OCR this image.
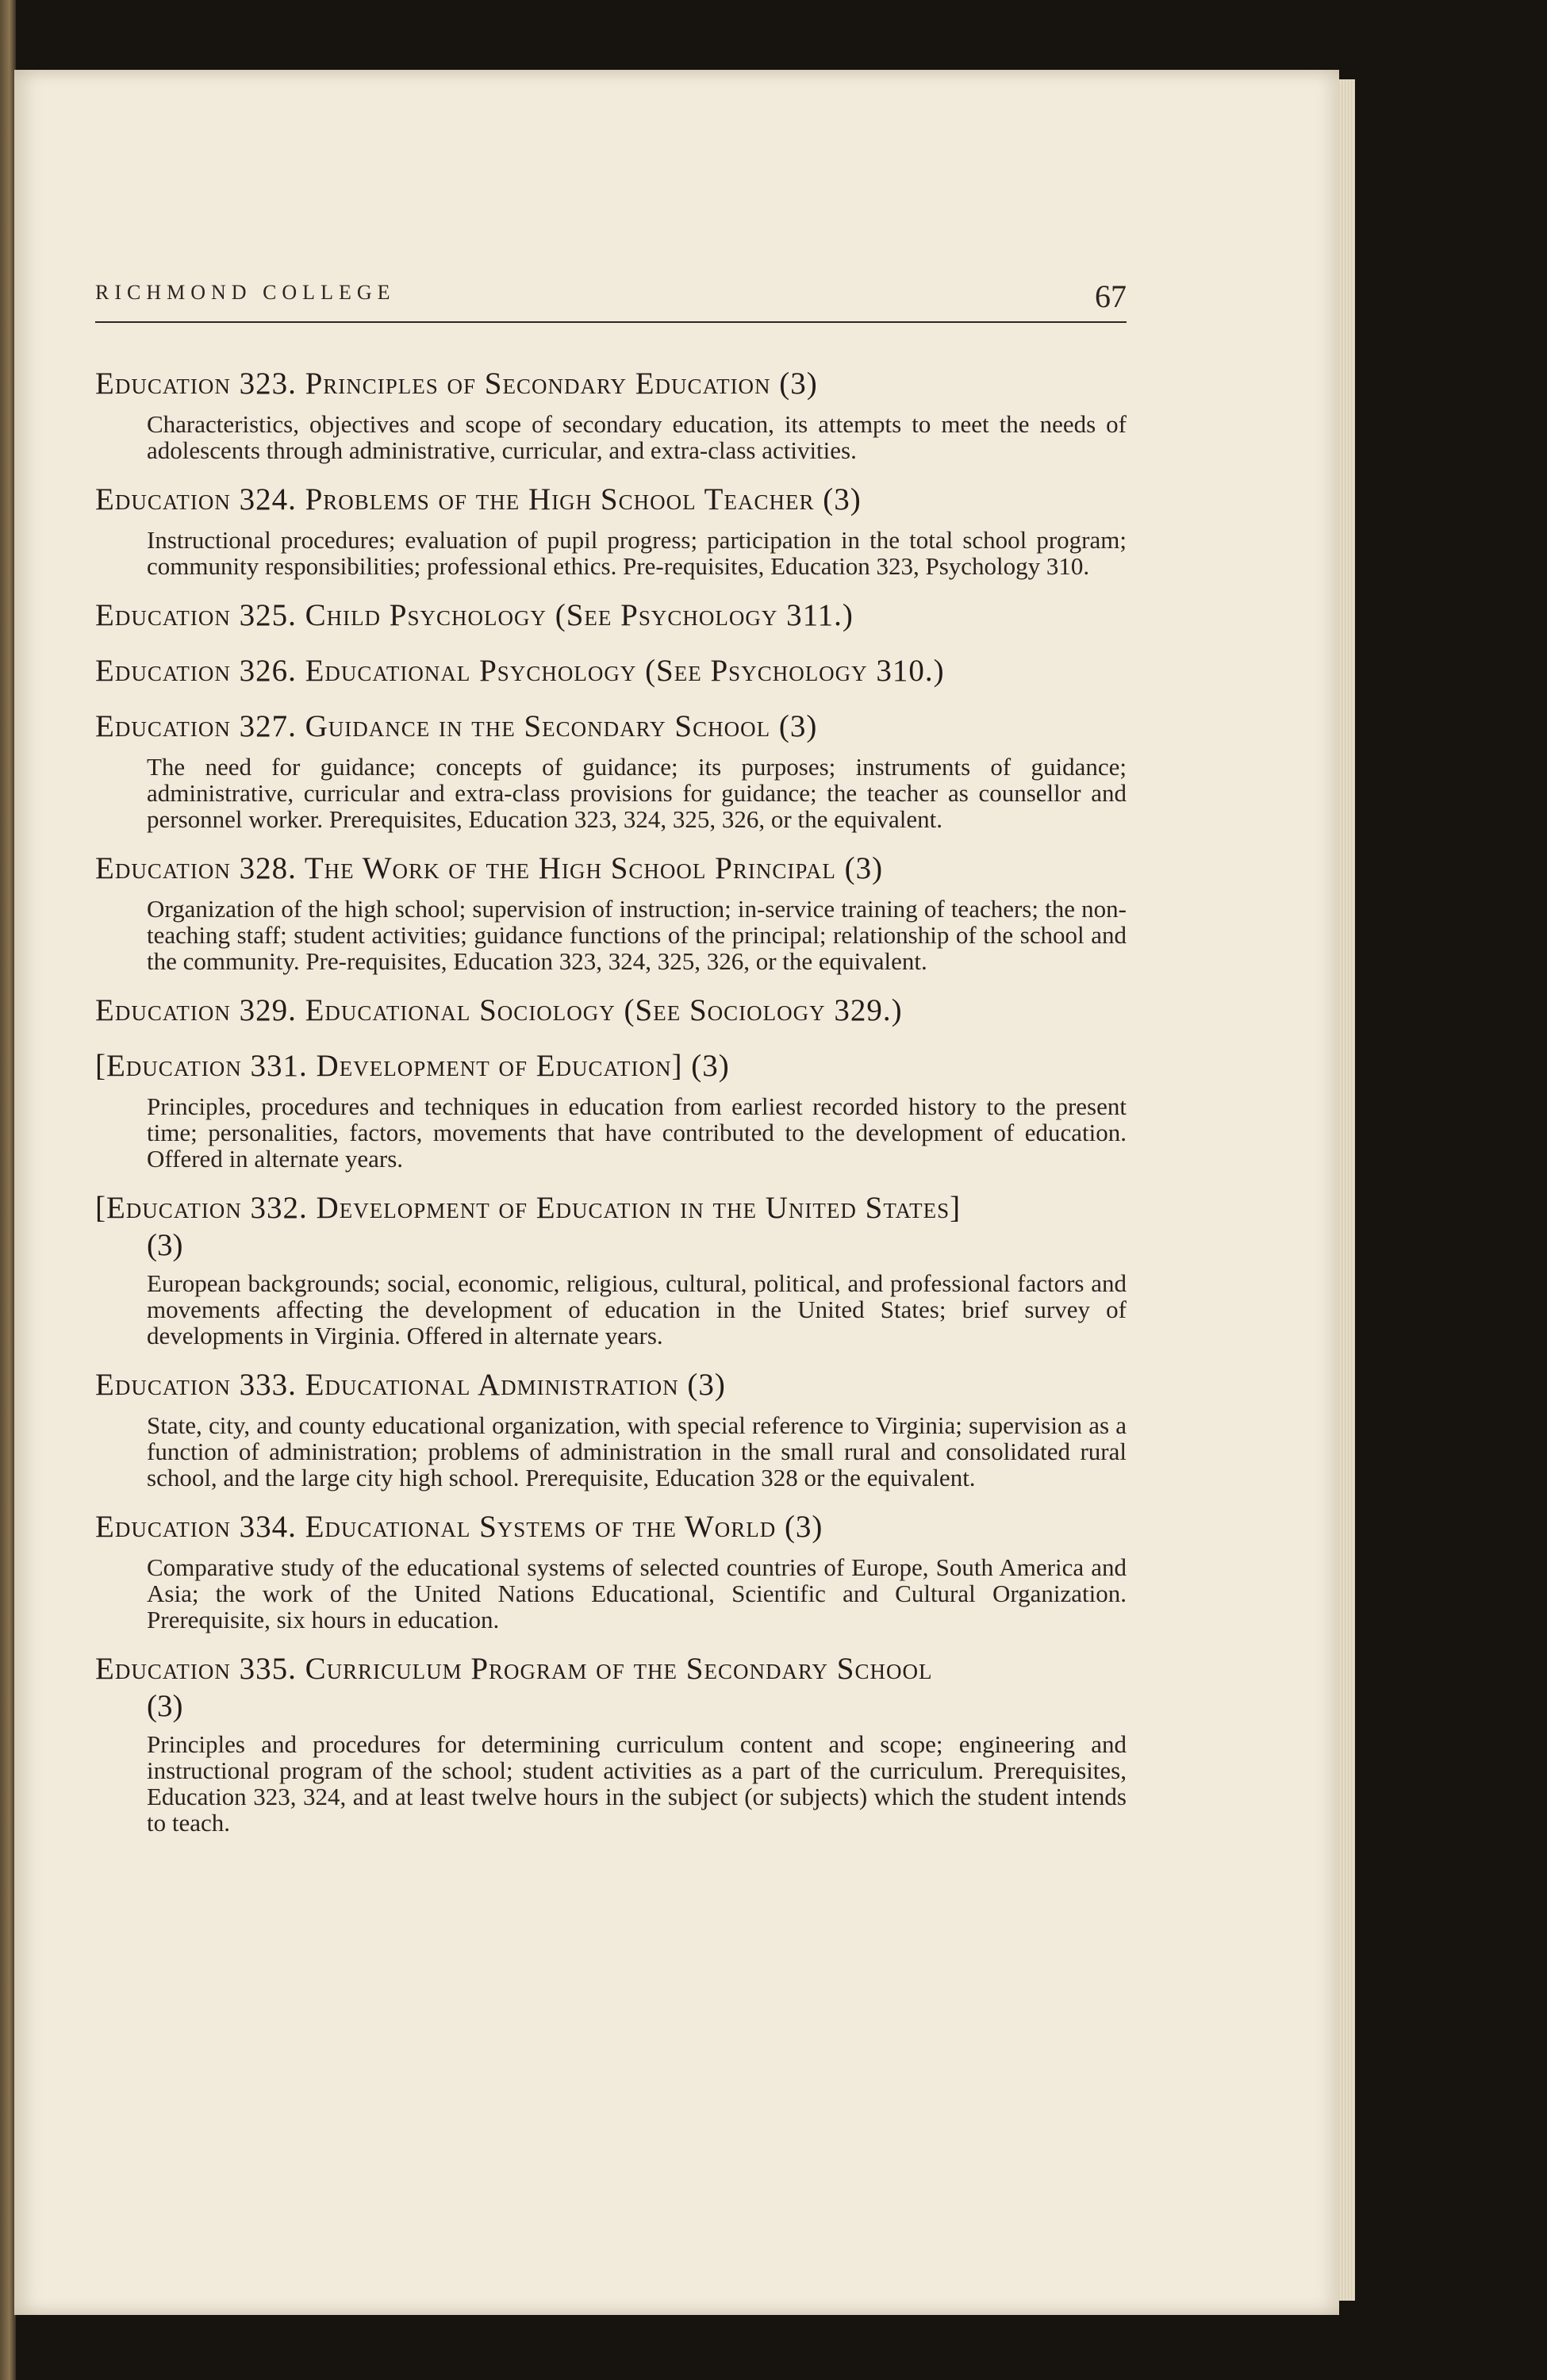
RICHMOND COLLEGE	67

Education 323. Principles of Secondary Education (3)

Characteristics, objectives and scope of secondary education, its attempts to meet the needs of adolescents through administrative, curricular, and extra-class activities.

Education 324. Problems of the High School Teacher (3)

Instructional procedures; evaluation of pupil progress; participation in the total school program; community responsibilities; professional ethics. Pre-requisites, Education 323, Psychology 310.

Education 325. Child Psychology (See Psychology 311.)

Education 326. Educational Psychology (See Psychology 310.)

Education 327. Guidance in the Secondary School (3)

The need for guidance; concepts of guidance; its purposes; instruments of guidance; administrative, curricular and extra-class provisions for guidance; the teacher as counsellor and personnel worker. Prerequisites, Education 323, 324, 325, 326, or the equivalent.

Education 328. The Work of the High School Principal (3)

Organization of the high school; supervision of instruction; in-service training of teachers; the non-teaching staff; student activities; guidance functions of the principal; relationship of the school and the community. Pre-requisites, Education 323, 324, 325, 326, or the equivalent.

Education 329. Educational Sociology (See Sociology 329.)

[Education 331. Development of Education] (3)

Principles, procedures and techniques in education from earliest recorded history to the present time; personalities, factors, movements that have contributed to the development of education. Offered in alternate years.

[Education 332. Development of Education in the United States]

(3)

European backgrounds; social, economic, religious, cultural, political, and professional factors and movements affecting the development of education in the United States; brief survey of developments in Virginia. Offered in alternate years.

Education 333. Educational Administration (3)

State, city, and county educational organization, with special reference to Virginia; supervision as a function of administration; problems of administration in the small rural and consolidated rural school, and the large city high school. Prerequisite, Education 328 or the equivalent.

Education 334. Educational Systems of the World (3)

Comparative study of the educational systems of selected countries of Europe, South America and Asia; the work of the United Nations Educational, Scientific and Cultural Organization. Prerequisite, six hours in education.

Education 335. Curriculum Program of the Secondary School

(3)

Principles and procedures for determining curriculum content and scope; engineering and instructional program of the school; student activities as a part of the curriculum. Prerequisites, Education 323, 324, and at least twelve hours in the subject (or subjects) which the student intends to teach.
